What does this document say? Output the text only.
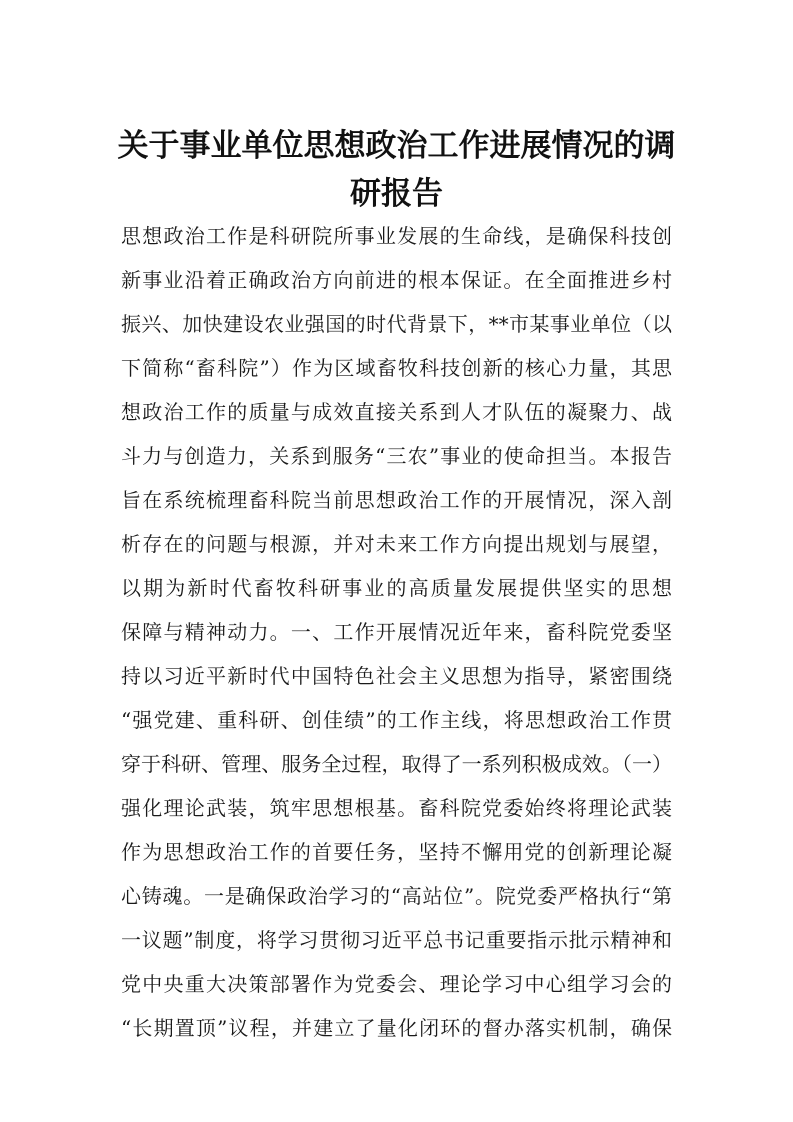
关于事业单位思想政治工作进展情况的调
研报告
思想政治工作是科研院所事业发展的生命线，是确保科技创
新事业沿着正确政治方向前进的根本保证。在全面推进乡村
振兴、加快建设农业强国的时代背景下，**市某事业单位（以
下简称“畜科院”）作为区域畜牧科技创新的核心力量，其思
想政治工作的质量与成效直接关系到人才队伍的凝聚力、战
斗力与创造力，关系到服务“三农”事业的使命担当。本报告
旨在系统梳理畜科院当前思想政治工作的开展情况，深入剖
析存在的问题与根源，并对未来工作方向提出规划与展望，
以期为新时代畜牧科研事业的高质量发展提供坚实的思想
保障与精神动力。一、工作开展情况近年来，畜科院党委坚
持以习近平新时代中国特色社会主义思想为指导，紧密围绕
“强党建、重科研、创佳绩”的工作主线，将思想政治工作贯
穿于科研、管理、服务全过程，取得了一系列积极成效。（一）
强化理论武装，筑牢思想根基。畜科院党委始终将理论武装
作为思想政治工作的首要任务，坚持不懈用党的创新理论凝
心铸魂。一是确保政治学习的“高站位”。院党委严格执行“第
一议题”制度，将学习贯彻习近平总书记重要指示批示精神和
党中央重大决策部署作为党委会、理论学习中心组学习会的
“长期置顶”议程，并建立了量化闭环的督办落实机制，确保
